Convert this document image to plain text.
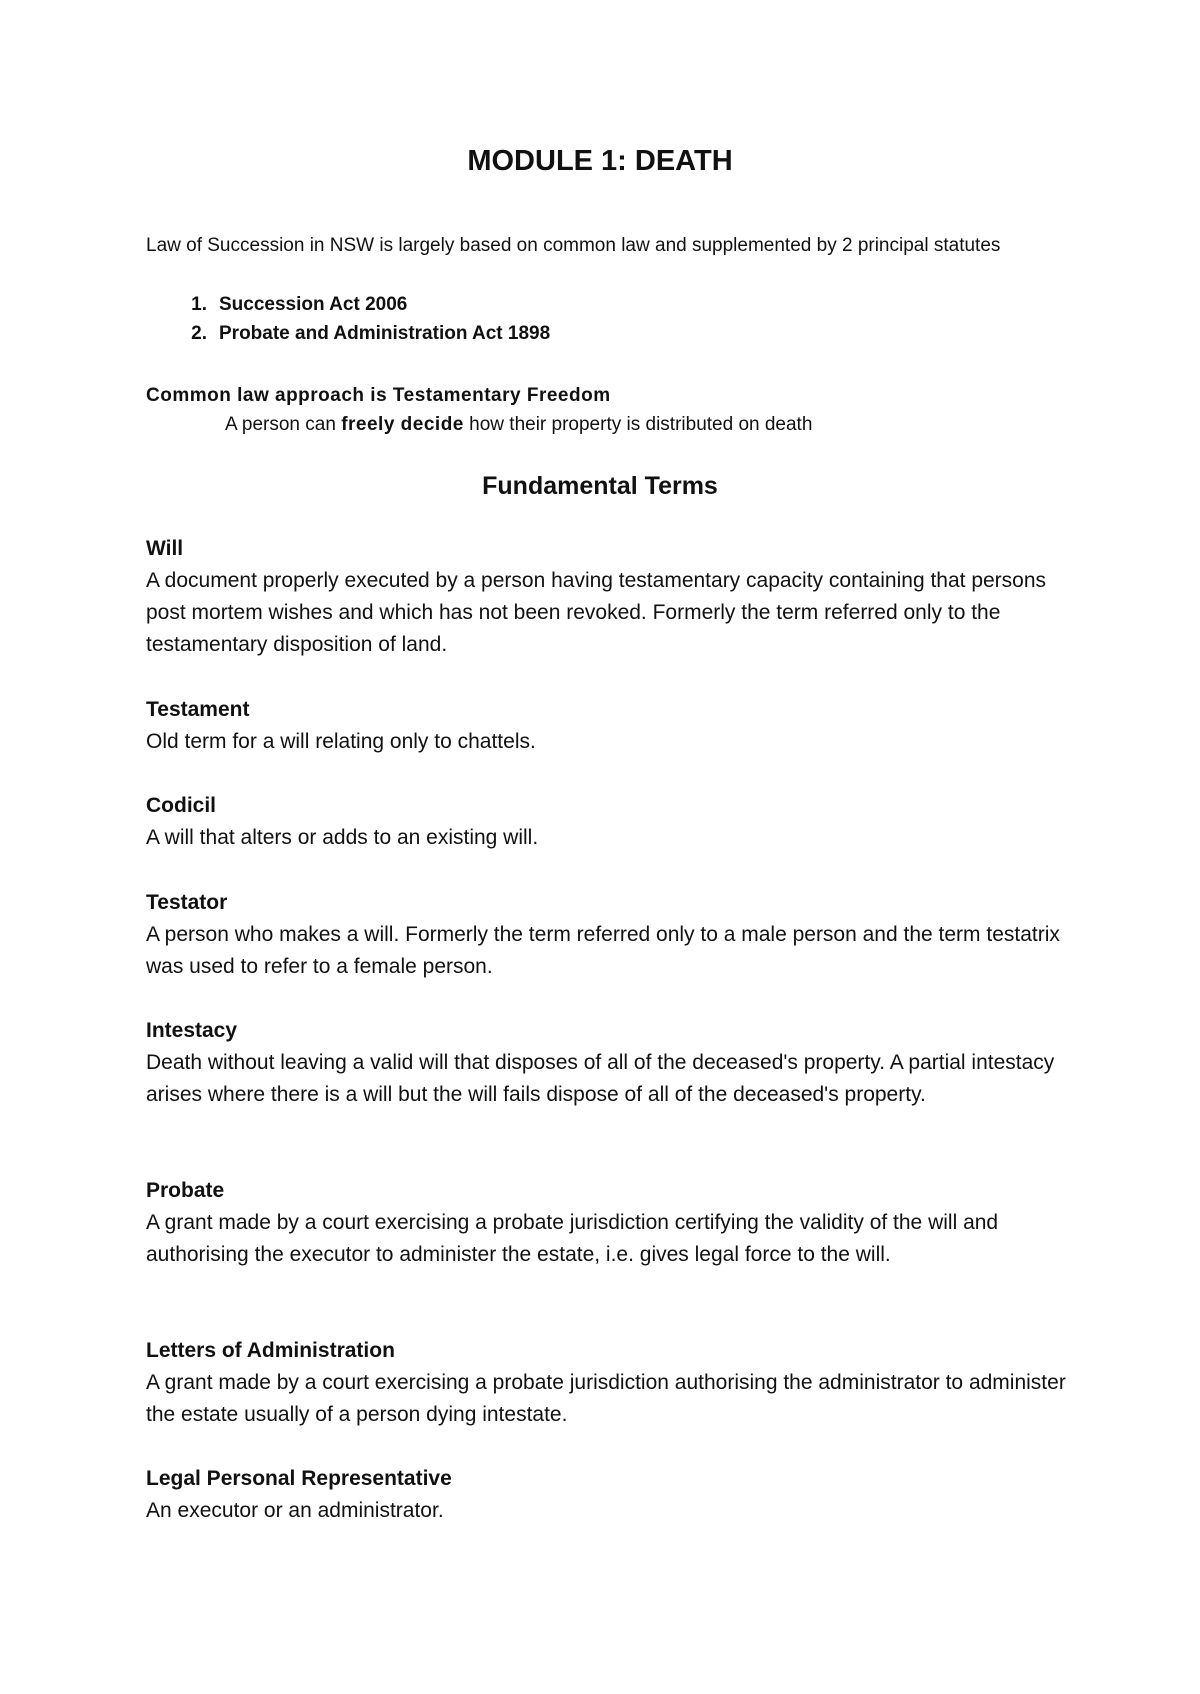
MODULE 1: DEATH

Law of Succession in NSW is largely based on common law and supplemented by 2 principal statutes

1. Succession Act 2006
2. Probate and Administration Act 1898

Common law approach is Testamentary Freedom

A person can freely decide how their property is distributed on death

Fundamental Terms
Will

A document properly executed by a person having testamentary capacity containing that persons post mortem wishes and which has not been revoked. Formerly the term referred only to the testamentary disposition of land.

Testament

Old term for a will relating only to chattels.

Codicil

A will that alters or adds to an existing will.

Testator

A person who makes a will. Formerly the term referred only to a male person and the term testatrix was used to refer to a female person.

Intestacy

Death without leaving a valid will that disposes of all of the deceased's property. A partial intestacy arises where there is a will but the will fails dispose of all of the deceased's property.

Probate

A grant made by a court exercising a probate jurisdiction certifying the validity of the will and authorising the executor to administer the estate, i.e. gives legal force to the will.

Letters of Administration

A grant made by a court exercising a probate jurisdiction authorising the administrator to administer the estate usually of a person dying intestate.

Legal Personal Representative

An executor or an administrator.
